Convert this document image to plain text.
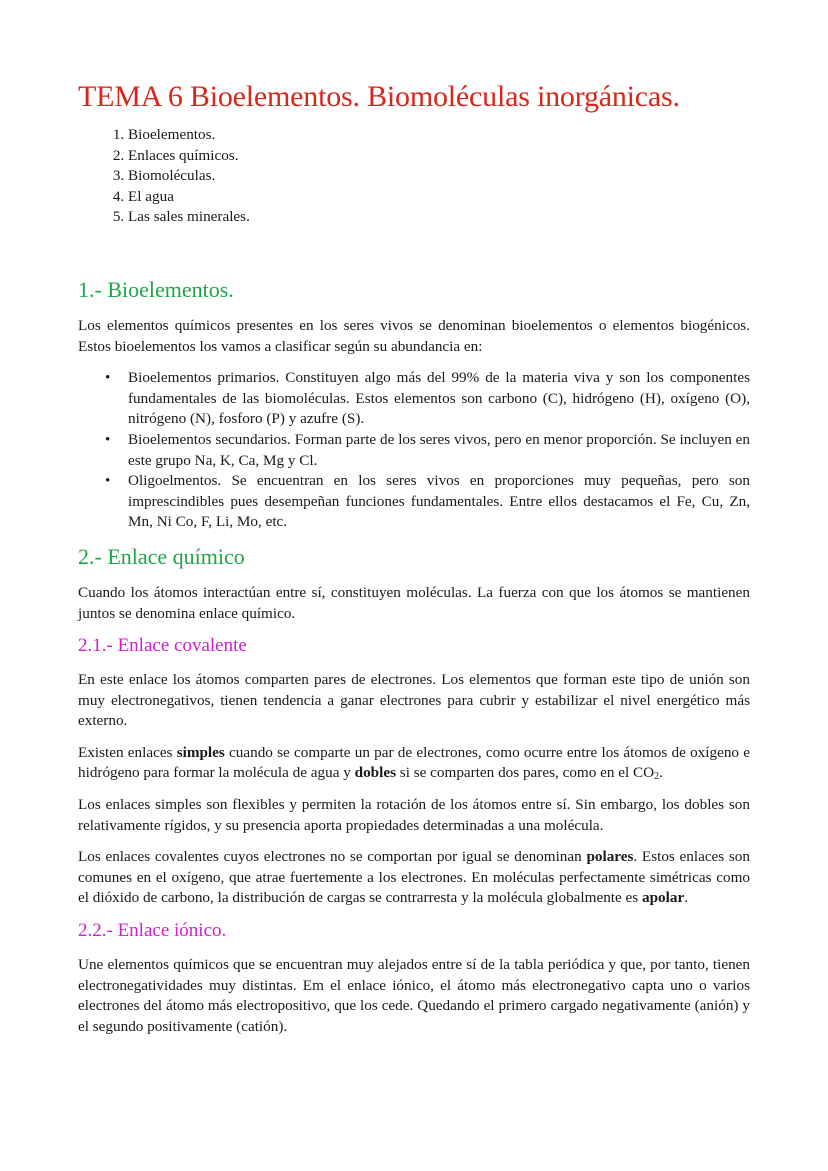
TEMA 6 Bioelementos. Biomoléculas inorgánicas.
1. Bioelementos.
2. Enlaces químicos.
3. Biomoléculas.
4. El agua
5. Las sales minerales.
1.- Bioelementos.

Los elementos químicos presentes en los seres vivos se denominan bioelementos o elementos biogénicos. Estos bioelementos los vamos a clasificar según su abundancia en:

• Bioelementos primarios. Constituyen algo más del 99% de la materia viva y son los componentes fundamentales de las biomoléculas. Estos elementos son carbono (C), hidrógeno (H), oxígeno (O), nitrógeno (N), fosforo (P) y azufre (S).
• Bioelementos secundarios. Forman parte de los seres vivos, pero en menor proporción. Se incluyen en este grupo Na, K, Ca, Mg y Cl.
• Oligoelmentos. Se encuentran en los seres vivos en proporciones muy pequeñas, pero son imprescindibles pues desempeñan funciones fundamentales. Entre ellos destacamos el Fe, Cu, Zn, Mn, Ni Co, F, Li, Mo, etc.
2.- Enlace químico

Cuando los átomos interactúan entre sí, constituyen moléculas. La fuerza con que los átomos se mantienen juntos se denomina enlace químico.

2.1.- Enlace covalente

En este enlace los átomos comparten pares de electrones. Los elementos que forman este tipo de unión son muy electronegativos, tienen tendencia a ganar electrones para cubrir y estabilizar el nivel energético más externo.

Existen enlaces simples cuando se comparte un par de electrones, como ocurre entre los átomos de oxígeno e hidrógeno para formar la molécula de agua y dobles si se comparten dos pares, como en el $CO_2$.

Los enlaces simples son flexibles y permiten la rotación de los átomos entre sí. Sin embargo, los dobles son relativamente rígidos, y su presencia aporta propiedades determinadas a una molécula.

Los enlaces covalentes cuyos electrones no se comportan por igual se denominan polares. Estos enlaces son comunes en el oxígeno, que atrae fuertemente a los electrones. En moléculas perfectamente simétricas como el dióxido de carbono, la distribución de cargas se contrarresta y la molécula globalmente es apolar.

2.2.- Enlace iónico.

Une elementos químicos que se encuentran muy alejados entre sí de la tabla periódica y que, por tanto, tienen electronegatividades muy distintas. Em el enlace iónico, el átomo más electronegativo capta uno o varios electrones del átomo más electropositivo, que los cede. Quedando el primero cargado negativamente (anión) y el segundo positivamente (catión).
